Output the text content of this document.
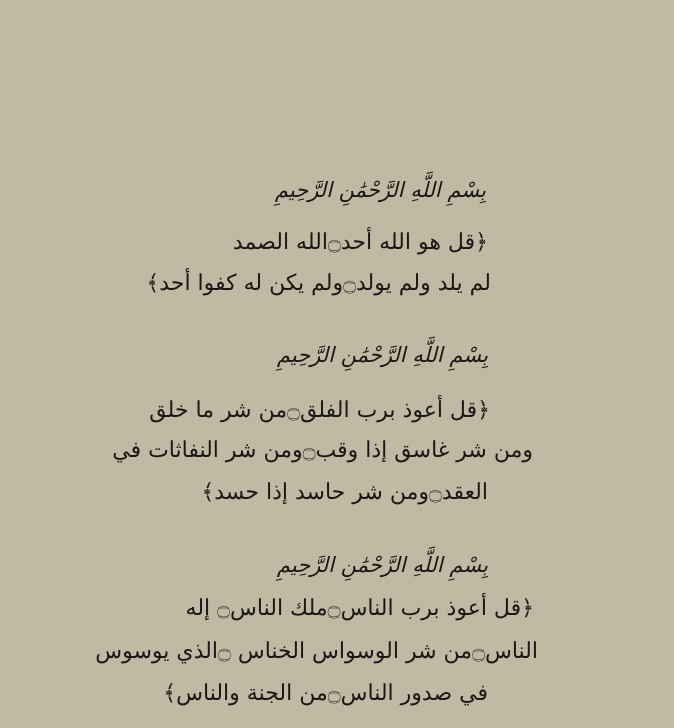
بِسْمِ اللَّهِ الرَّحْمَٰنِ الرَّحِيمِ
﴿قل هو الله أحد۝الله الصمد
لم يلد ولم يولد۝ولم يكن له كفوا أحد﴾
بِسْمِ اللَّهِ الرَّحْمَٰنِ الرَّحِيمِ
﴿قل أعوذ برب الفلق۝من شر ما خلق
ومن شر غاسق إذا وقب۝ومن شر النفاثات في
العقد۝ومن شر حاسد إذا حسد﴾
بِسْمِ اللَّهِ الرَّحْمَٰنِ الرَّحِيمِ
﴿قل أعوذ برب الناس۝ملك الناس۝ إله
الناس۝من شر الوسواس الخناس ۝الذي يوسوس
في صدور الناس۝من الجنة والناس﴾
